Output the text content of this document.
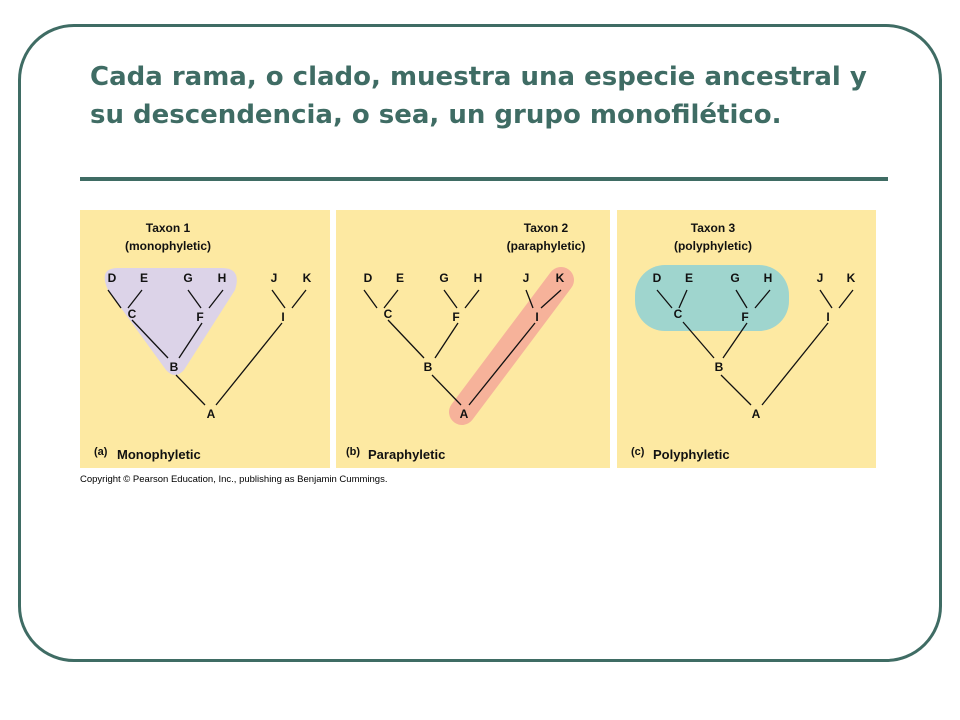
Cada rama, o clado, muestra una especie ancestral y su descendencia, o sea, un grupo monofilético.
Taxon 1
(monophyletic)
D E	G H	J K
C	F	I
B
A
(a) Monophyletic
Taxon 2
(paraphyletic)
D E	G H	J K
C	F	I
B
A
(b) Paraphyletic
Taxon 3
(polyphyletic)
D E	G H	J K
C	F	I
B
A
(c) Polyphyletic
Copyright © Pearson Education, Inc., publishing as Benjamin Cummings.
